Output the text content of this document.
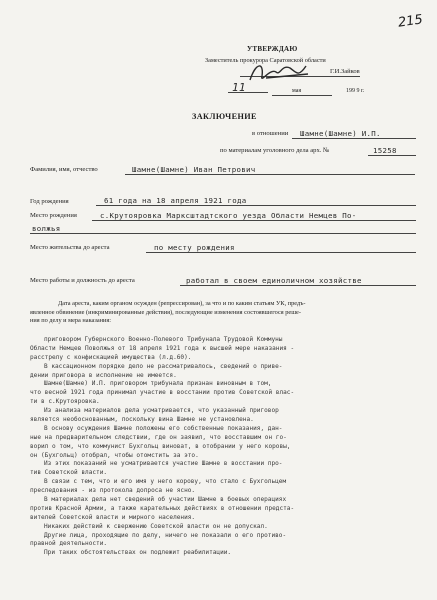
215
УТВЕРЖДАЮ
Заместитель прокурора Саратовской области
Г.И.Зайков
11	мая	199 9 г.
ЗАКЛЮЧЕНИЕ
в отношении Шамне(Шамне) И.П.
по материалам уголовного дела арх. №	15258
Фамилия, имя, отчество	Шамне(Шамне) Иван Петрович
Год рождения	61 года на 18 апреля 1921 года
Место рождения	с.Крутояровка Марксштадтского уезда Области Немцев По-
волжья
Место жительства до ареста	по месту рождения
Место работы и должность до ареста	работал в своем единоличном хозяйстве
Дата ареста, каким органом осужден (репрессирован), за что и по каким статьям УК, предъ-
явленное обвинение (инкриминированные действия), последующие изменения состоявшегося реше-
ния по делу и мера наказания:
приговором Губернского Военно-Полевого Трибунала Трудовой Коммуны
Области Немцев Поволжья от 18 апреля 1921 года к высшей мере наказания -
расстрелу с конфискацией имущества (л.д.60).
В кассационном порядке дело не рассматривалось, сведений о приве-
дении приговора в исполнение не имеется.
Шамне(Шамне) И.П. приговором трибунала признан виновным в том,
что весной 1921 года принимал участие в восстании против Советской влас-
ти в с.Крутояровка.
Из анализа материалов дела усматривается, что указанный приговор
является необоснованным, поскольку вина Шамне не установлена.
В основу осуждения Шамне положены его собственные показания, дан-
ные на предварительном следствии, где он заявил, что восставшим он го-
ворил о том, что коммунист Бухгольц виноват, в отобрании у него коровы,
он (Бухгольц) отобрал, чтобы отомстить за это.
Из этих показаний не усматривается участие Шамне в восстании про-
тив Советской власти.
В связи с тем, что и его имя у него корову, что стало с Бухгольцем
преследования - из протокола допроса не ясно.
В материалах дела нет сведений об участии Шамне в боевых операциях
против Красной Армии, а также карательных действиях в отношении предста-
вителей Советской власти и мирного населения.
Никаких действий к свержению Советской власти он не допускал.
Другие лица, проходящие по делу, ничего не показали о его противо-
правной деятельности.
При таких обстоятельствах он подлежит реабилитации.
